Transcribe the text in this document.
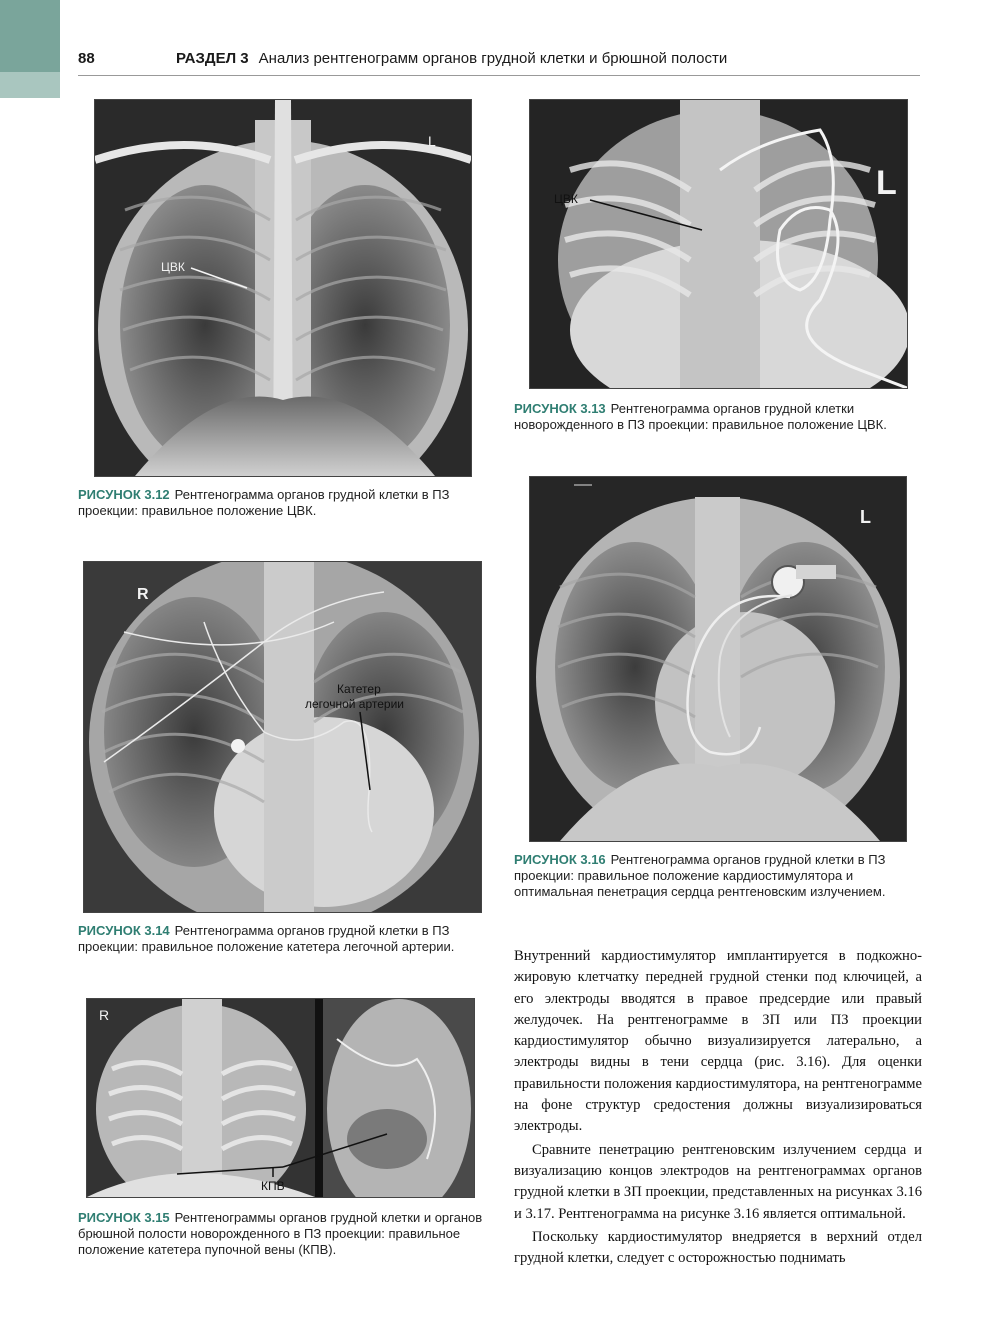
88	РАЗДЕЛ 3 Анализ рентгенограмм органов грудной клетки и брюшной полости
L
ЦВК
РИСУНОК 3.12 Рентгенограмма органов грудной клетки в ПЗ проекции: правильное положение ЦВК.
ЦВК	L
РИСУНОК 3.13 Рентгенограмма органов грудной клетки новорожденного в ПЗ проекции: правильное положение ЦВК.
L
РИСУНОК 3.16 Рентгенограмма органов грудной клетки в ПЗ проекции: правильное положение кардиостимулятора и оптимальная пенетрация сердца рентгеновским излучением.
R
Катетер
легочной артерии
РИСУНОК 3.14 Рентгенограмма органов грудной клетки в ПЗ проекции: правильное положение катетера легочной артерии.
R
КПВ
РИСУНОК 3.15 Рентгенограммы органов грудной клетки и органов брюшной полости новорожденного в ПЗ проекции: правильное положение катетера пупочной вены (КПВ).

Внутренний кардиостимулятор имплантируется в подкожно-жировую клетчатку передней грудной стенки под ключицей, а его электроды вводятся в правое предсердие или правый желудочек. На рентгенограмме в ЗП или ПЗ проекции кардиостимулятор обычно визуализируется латерально, а электроды видны в тени сердца (рис. 3.16). Для оценки правильности положения кардиостимулятора, на рентгенограмме на фоне структур средостения должны визуализироваться электроды.

Сравните пенетрацию рентгеновским излучением сердца и визуализацию концов электродов на рентгенограммах органов грудной клетки в ЗП проекции, представленных на рисунках 3.16 и 3.17. Рентгенограмма на рисунке 3.16 является оптимальной.

Поскольку кардиостимулятор внедряется в верхний отдел грудной клетки, следует с осторожностью поднимать
